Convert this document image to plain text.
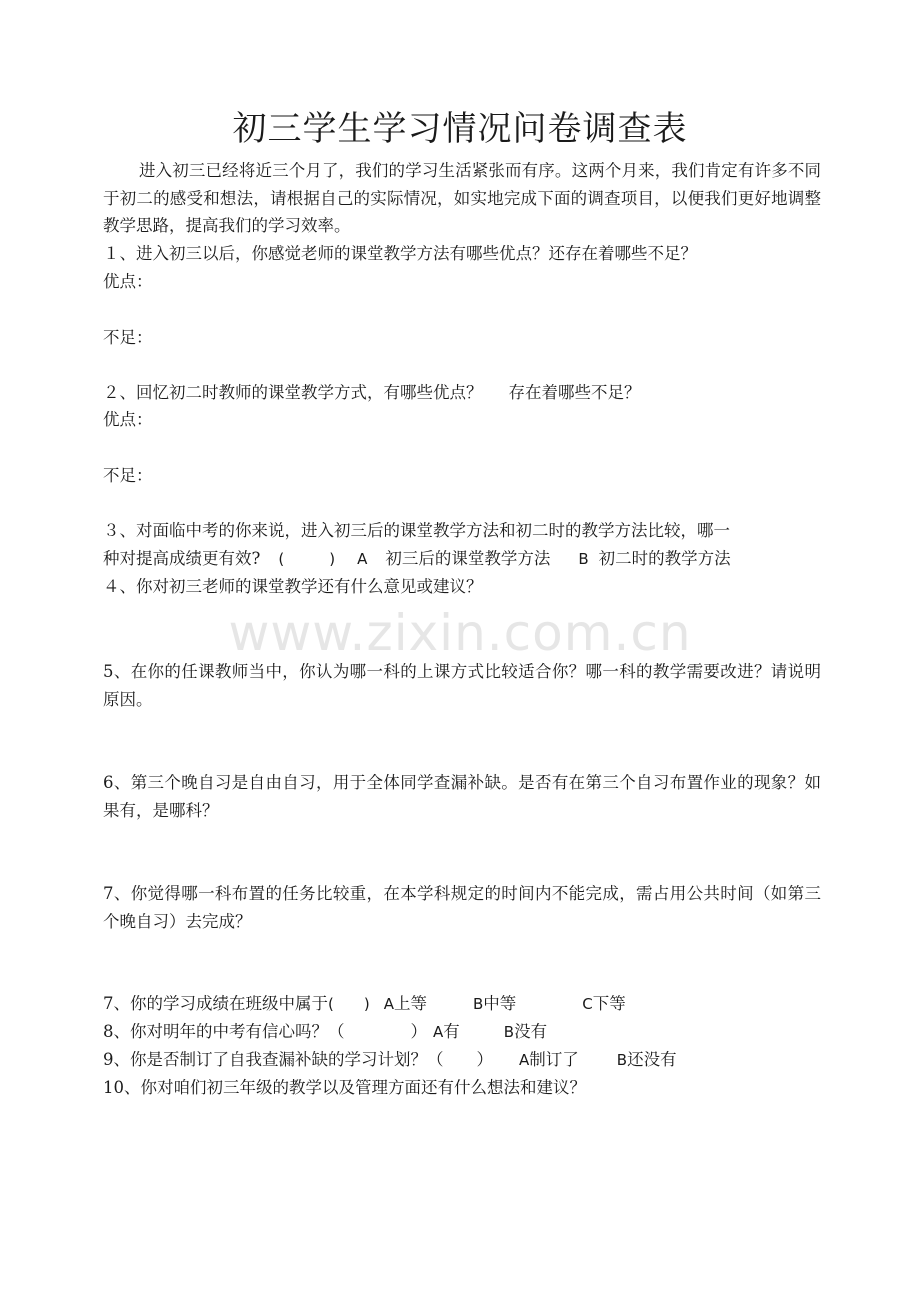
www.zixin.com.cn
初三学生学习情况问卷调查表
进入初三已经将近三个月了，我们的学习生活紧张而有序。这两个月来，我们肯定有许多不同于初二的感受和想法，请根据自己的实际情况，如实地完成下面的调查项目，以便我们更好地调整教学思路，提高我们的学习效率。
１、进入初三以后，你感觉老师的课堂教学方法有哪些优点？还存在着哪些不足？
优点：
不足：
２、回忆初二时教师的课堂教学方式，有哪些优点？ 存在着哪些不足？
优点：
不足：
３、对面临中考的你来说，进入初三后的课堂教学方法和初二时的教学方法比较，哪一
种对提高成绩更有效? (　　　) A 初三后的课堂教学方法 B 初二时的教学方法
４、你对初三老师的课堂教学还有什么意见或建议？
5、在你的任课教师当中，你认为哪一科的上课方式比较适合你？哪一科的教学需要改进？请说明原因。
6、第三个晚自习是自由自习，用于全体同学查漏补缺。是否有在第三个自习布置作业的现象？如果有，是哪科？
7、你觉得哪一科布置的任务比较重，在本学科规定的时间内不能完成，需占用公共时间（如第三个晚自习）去完成？
7、你的学习成绩在班级中属于(　　) A上等	B中等	C下等
8、你对明年的中考有信心吗？（　　　　） A有	B没有
9、你是否制订了自我查漏补缺的学习计划？（　　） A制订了	B还没有
10、你对咱们初三年级的教学以及管理方面还有什么想法和建议？
